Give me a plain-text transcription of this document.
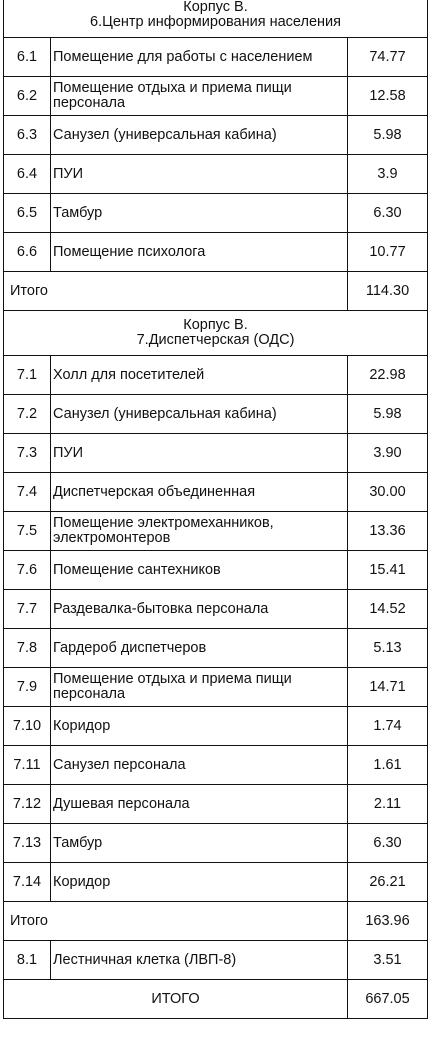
Корпус В.
6.Центр информирования населения		

6.1	Помещение для работы с населением	74.77
6.2	Помещение отдыха и приема пищи персонала	12.58
6.3	Санузел (универсальная кабина)	5.98
6.4	ПУИ	3.9
6.5	Тамбур	6.30
6.6	Помещение психолога	10.77
Итого		114.30

Корпус В.
7.Диспетчерская (ОДС)		

7.1	Холл для посетителей	22.98
7.2	Санузел (универсальная кабина)	5.98
7.3	ПУИ	3.90
7.4	Диспетчерская объединенная	30.00
7.5	Помещение электромеханников, электромонтеров	13.36
7.6	Помещение сантехников	15.41
7.7	Раздевалка-бытовка персонала	14.52
7.8	Гардероб диспетчеров	5.13
7.9	Помещение отдыха и приема пищи персонала	14.71
7.10	Коридор	1.74
7.11	Санузел персонала	1.61
7.12	Душевая персонала	2.11
7.13	Тамбур	6.30
7.14	Коридор	26.21
Итого		163.96
8.1	Лестничная клетка (ЛВП-8)	3.51
ИТОГО		667.05
